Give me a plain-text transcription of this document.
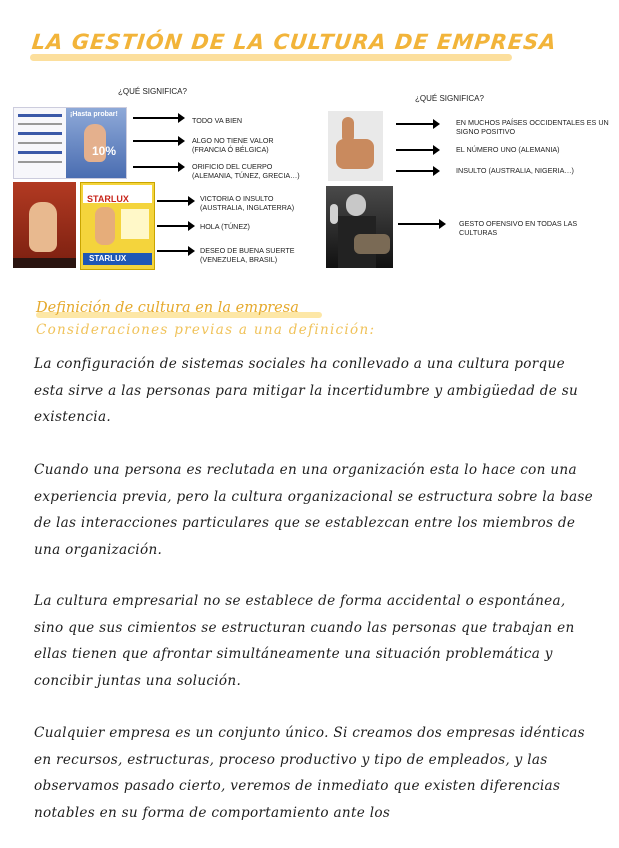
LA GESTIÓN DE LA CULTURA DE EMPRESA
¿QUÉ SIGNIFICA?
¡Hasta probar!
10%
STARLUX
STARLUX
TODO VA BIEN
ALGO NO TIENE VALOR
(FRANCIA Ó BÉLGICA)
ORIFICIO DEL CUERPO
(ALEMANIA, TÚNEZ, GRECIA…)
VICTORIA O INSULTO
(AUSTRALIA, INGLATERRA)
HOLA (TÚNEZ)
DESEO DE BUENA SUERTE
(VENEZUELA, BRASIL)
¿QUÉ SIGNIFICA?
EN MUCHOS PAÍSES OCCIDENTALES ES UN
SIGNO POSITIVO
EL NÚMERO UNO (ALEMANIA)
INSULTO (AUSTRALIA, NIGERIA…)
GESTO OFENSIVO EN TODAS LAS
CULTURAS
Definición de cultura en la empresa
Consideraciones previas a una definición:
La configuración de sistemas sociales ha conllevado a una cultura porque esta sirve a las personas para mitigar la incertidumbre y ambigüedad de su existencia.
Cuando una persona es reclutada en una organización esta lo hace con una experiencia previa, pero la cultura organizacional se estructura sobre la base de las interacciones particulares que se establezcan entre los miembros de una organización.
La cultura empresarial no se establece de forma accidental o espontánea, sino que sus cimientos se estructuran cuando las personas que trabajan en ellas tienen que afrontar simultáneamente una situación problemática y concibir juntas una solución.
Cualquier empresa es un conjunto único. Si creamos dos empresas idénticas en recursos, estructuras, proceso productivo y tipo de empleados, y las observamos pasado cierto, veremos de inmediato que existen diferencias notables en su forma de comportamiento ante los
